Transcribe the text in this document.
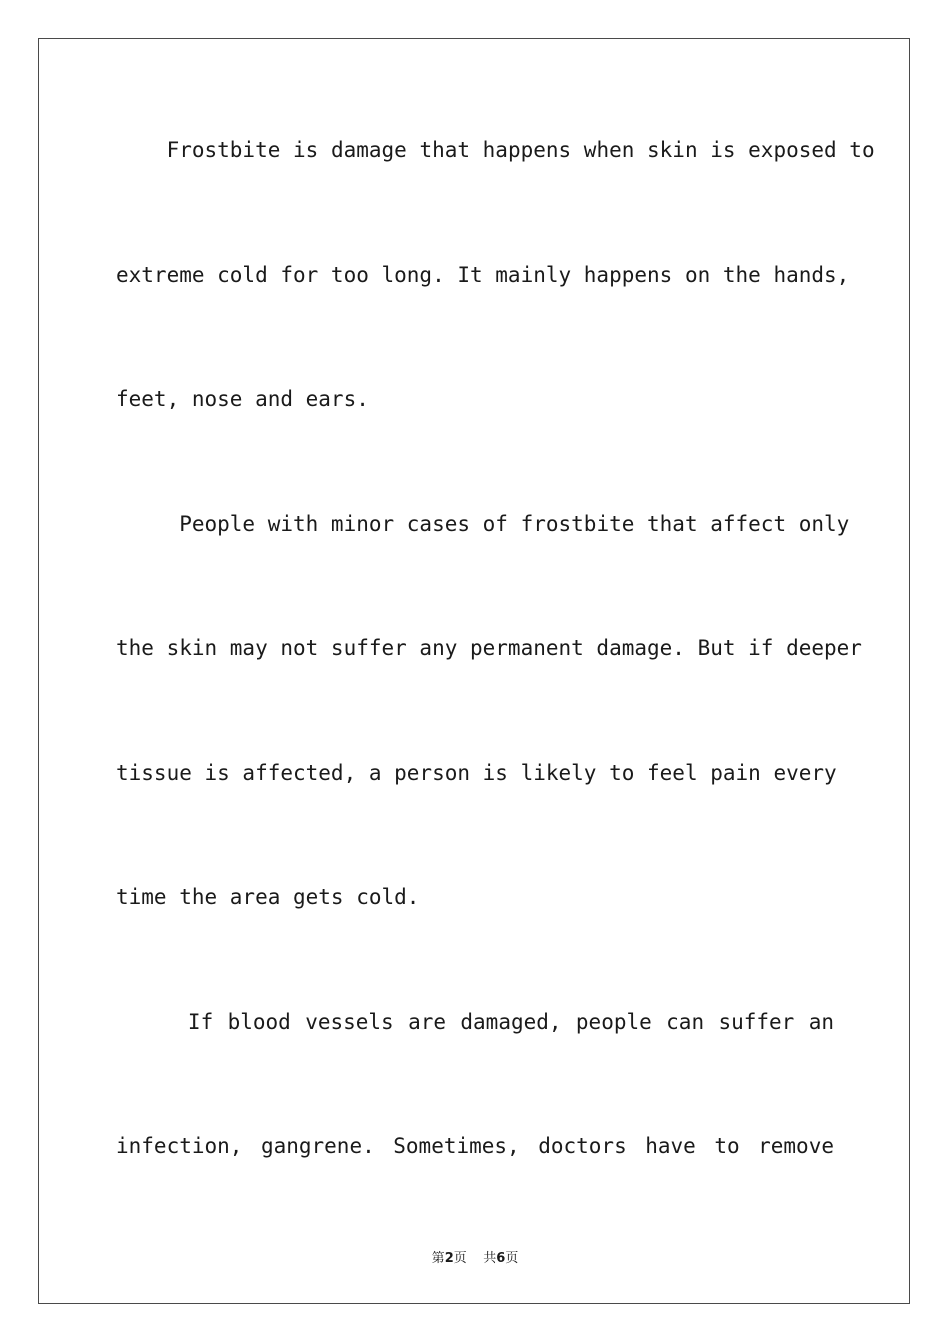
Frostbite is damage that happens when skin is exposed to
extreme cold for too long. It mainly happens on the hands,
feet, nose and ears.
People with minor cases of frostbite that affect only
the skin may not suffer any permanent damage. But if deeper
tissue is affected, a person is likely to feel pain every
time the area gets cold.
If blood vessels are damaged, people can suffer an
infection, gangrene. Sometimes, doctors have to remove
第2页    共6页
